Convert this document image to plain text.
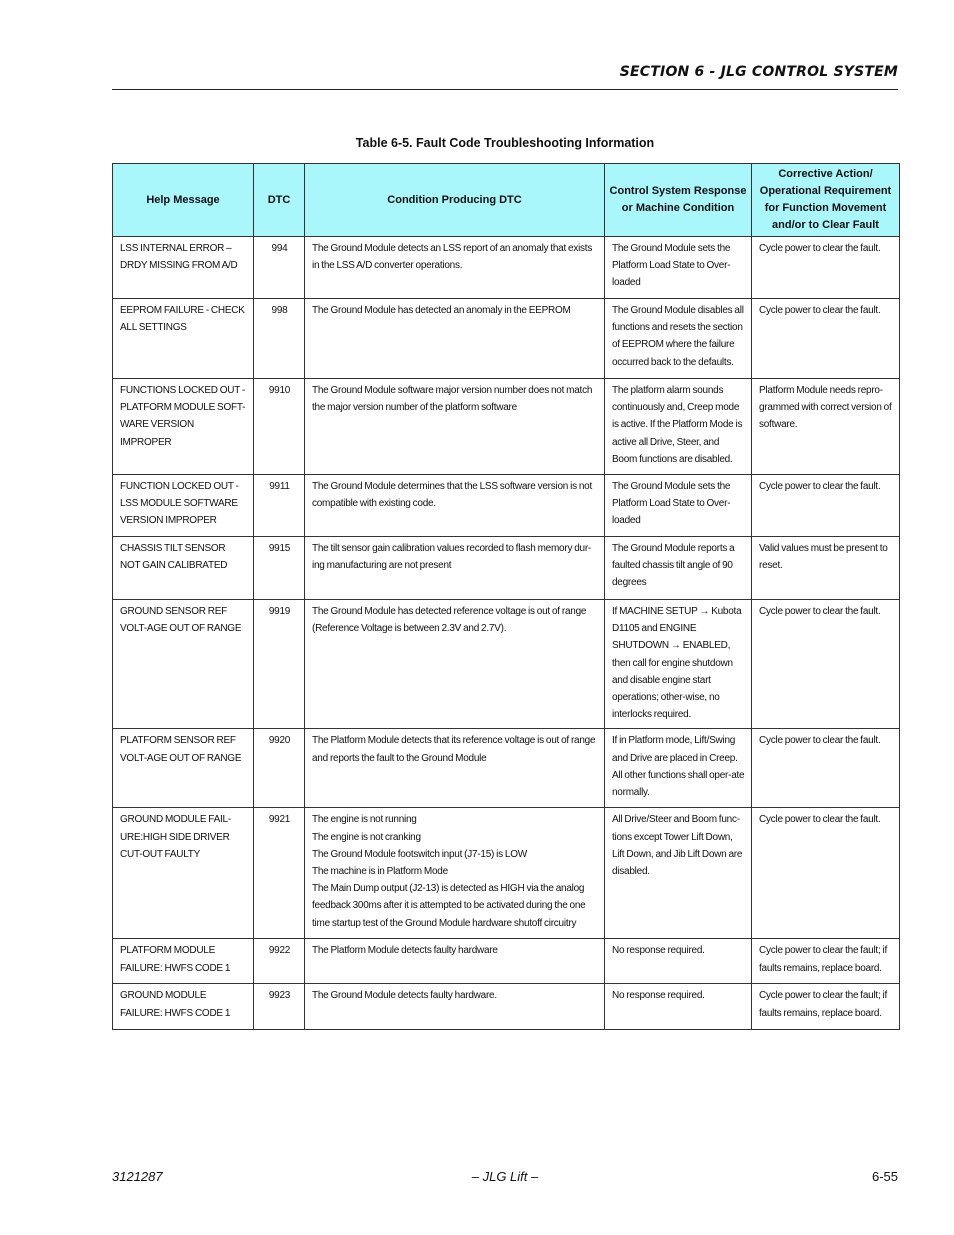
SECTION 6 - JLG CONTROL SYSTEM
Table 6-5. Fault Code Troubleshooting Information
Help Message	DTC	Condition Producing DTC	Control System Response or Machine Condition	Corrective Action/ Operational Requirement for Function Movement and/or to Clear Fault
LSS INTERNAL ERROR – DRDY MISSING FROM A/D	994	The Ground Module detects an LSS report of an anomaly that exists in the LSS A/D converter operations.	The Ground Module sets the Platform Load State to Over-loaded	Cycle power to clear the fault.
EEPROM FAILURE - CHECK ALL SETTINGS	998	The Ground Module has detected an anomaly in the EEPROM	The Ground Module disables all functions and resets the section of EEPROM where the failure occurred back to the defaults.	Cycle power to clear the fault.
FUNCTIONS LOCKED OUT - PLATFORM MODULE SOFT-WARE VERSION IMPROPER	9910	The Ground Module software major version number does not match the major version number of the platform software	The platform alarm sounds continuously and, Creep mode is active. If the Platform Mode is active all Drive, Steer, and Boom functions are disabled.	Platform Module needs repro-grammed with correct version of software.
FUNCTION LOCKED OUT - LSS MODULE SOFTWARE VERSION IMPROPER	9911	The Ground Module determines that the LSS software version is not compatible with existing code.	The Ground Module sets the Platform Load State to Over-loaded	Cycle power to clear the fault.
CHASSIS TILT SENSOR NOT GAIN CALIBRATED	9915	The tilt sensor gain calibration values recorded to flash memory dur-ing manufacturing are not present	The Ground Module reports a faulted chassis tilt angle of 90 degrees	Valid values must be present to reset.
GROUND SENSOR REF VOLT-AGE OUT OF RANGE	9919	The Ground Module has detected reference voltage is out of range (Reference Voltage is between 2.3V and 2.7V).	If MACHINE SETUP → Kubota D1105 and ENGINE SHUTDOWN → ENABLED, then call for engine shutdown and disable engine start operations; other-wise, no interlocks required.	Cycle power to clear the fault.
PLATFORM SENSOR REF VOLT-AGE OUT OF RANGE	9920	The Platform Module detects that its reference voltage is out of range and reports the fault to the Ground Module	If in Platform mode, Lift/Swing and Drive are placed in Creep. All other functions shall oper-ate normally.	Cycle power to clear the fault.
GROUND MODULE FAIL-URE:HIGH SIDE DRIVER CUT-OUT FAULTY	9921	The engine is not running
The engine is not cranking
The Ground Module footswitch input (J7-15) is LOW
The machine is in Platform Mode
The Main Dump output (J2-13) is detected as HIGH via the analog feedback 300ms after it is attempted to be activated during the one time startup test of the Ground Module hardware shutoff circuitry	All Drive/Steer and Boom func-tions except Tower Lift Down, Lift Down, and Jib Lift Down are disabled.	Cycle power to clear the fault.
PLATFORM MODULE FAILURE: HWFS CODE 1	9922	The Platform Module detects faulty hardware	No response required.	Cycle power to clear the fault; if faults remains, replace board.
GROUND MODULE FAILURE: HWFS CODE 1	9923	The Ground Module detects faulty hardware.	No response required.	Cycle power to clear the fault; if faults remains, replace board.
3121287	– JLG Lift –	6-55
